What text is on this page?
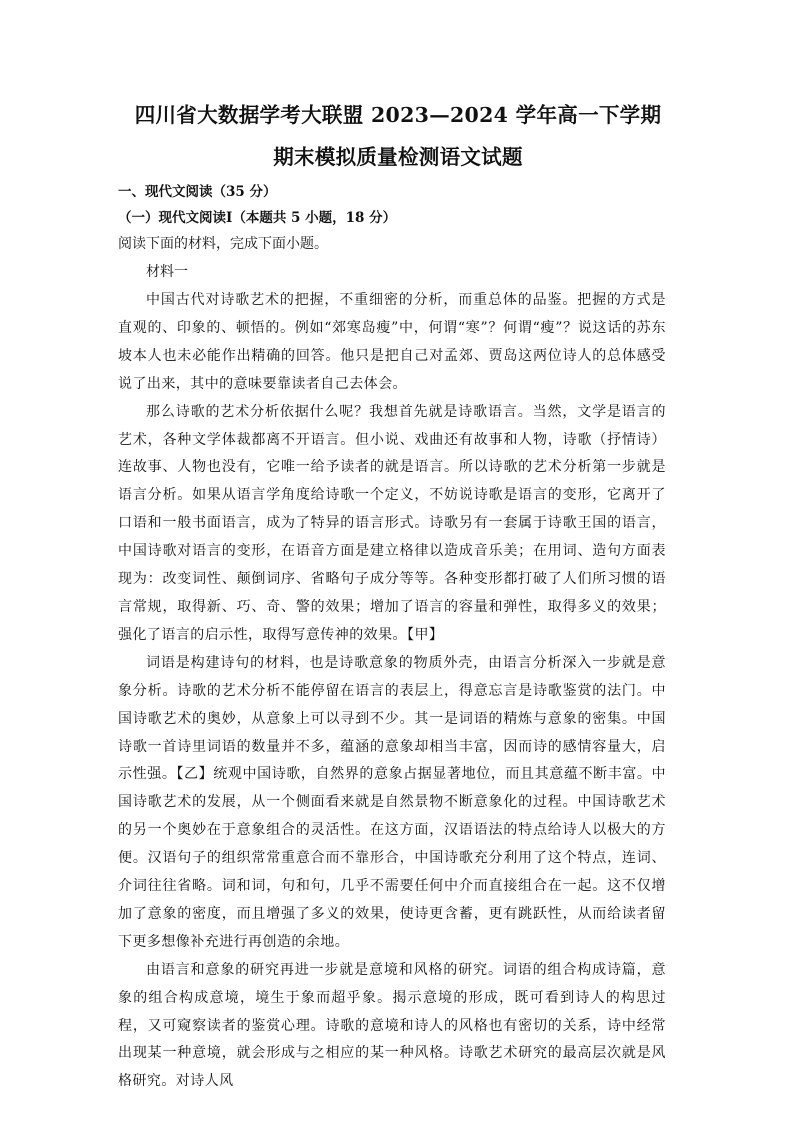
四川省大数据学考大联盟 2023—2024 学年高一下学期
期末模拟质量检测语文试题
一、现代文阅读（35 分）
（一）现代文阅读Ⅰ（本题共 5 小题，18 分）
阅读下面的材料，完成下面小题。
材料一

中国古代对诗歌艺术的把握，不重细密的分析，而重总体的品鉴。把握的方式是直观的、印象的、顿悟的。例如“郊寒岛瘦”中，何谓“寒”？何谓“瘦”？说这话的苏东坡本人也未必能作出精确的回答。他只是把自己对孟郊、贾岛这两位诗人的总体感受说了出来，其中的意味要靠读者自己去体会。

那么诗歌的艺术分析依据什么呢？我想首先就是诗歌语言。当然，文学是语言的艺术，各种文学体裁都离不开语言。但小说、戏曲还有故事和人物，诗歌（抒情诗）连故事、人物也没有，它唯一给予读者的就是语言。所以诗歌的艺术分析第一步就是语言分析。如果从语言学角度给诗歌一个定义，不妨说诗歌是语言的变形，它离开了口语和一般书面语言，成为了特异的语言形式。诗歌另有一套属于诗歌王国的语言，中国诗歌对语言的变形，在语音方面是建立格律以造成音乐美；在用词、造句方面表现为：改变词性、颠倒词序、省略句子成分等等。各种变形都打破了人们所习惯的语言常规，取得新、巧、奇、警的效果；增加了语言的容量和弹性，取得多义的效果；强化了语言的启示性，取得写意传神的效果。【甲】

词语是构建诗句的材料，也是诗歌意象的物质外壳，由语言分析深入一步就是意象分析。诗歌的艺术分析不能停留在语言的表层上，得意忘言是诗歌鉴赏的法门。中国诗歌艺术的奥妙，从意象上可以寻到不少。其一是词语的精炼与意象的密集。中国诗歌一首诗里词语的数量并不多，蕴涵的意象却相当丰富，因而诗的感情容量大，启示性强。【乙】统观中国诗歌，自然界的意象占据显著地位，而且其意蕴不断丰富。中国诗歌艺术的发展，从一个侧面看来就是自然景物不断意象化的过程。中国诗歌艺术的另一个奥妙在于意象组合的灵活性。在这方面，汉语语法的特点给诗人以极大的方便。汉语句子的组织常常重意合而不靠形合，中国诗歌充分利用了这个特点，连词、介词往往省略。词和词，句和句，几乎不需要任何中介而直接组合在一起。这不仅增加了意象的密度，而且增强了多义的效果，使诗更含蓄，更有跳跃性，从而给读者留下更多想像补充进行再创造的余地。

由语言和意象的研究再进一步就是意境和风格的研究。词语的组合构成诗篇，意象的组合构成意境，境生于象而超乎象。揭示意境的形成，既可看到诗人的构思过程，又可窥察读者的鉴赏心理。诗歌的意境和诗人的风格也有密切的关系，诗中经常出现某一种意境，就会形成与之相应的某一种风格。诗歌艺术研究的最高层次就是风格研究。对诗人风
